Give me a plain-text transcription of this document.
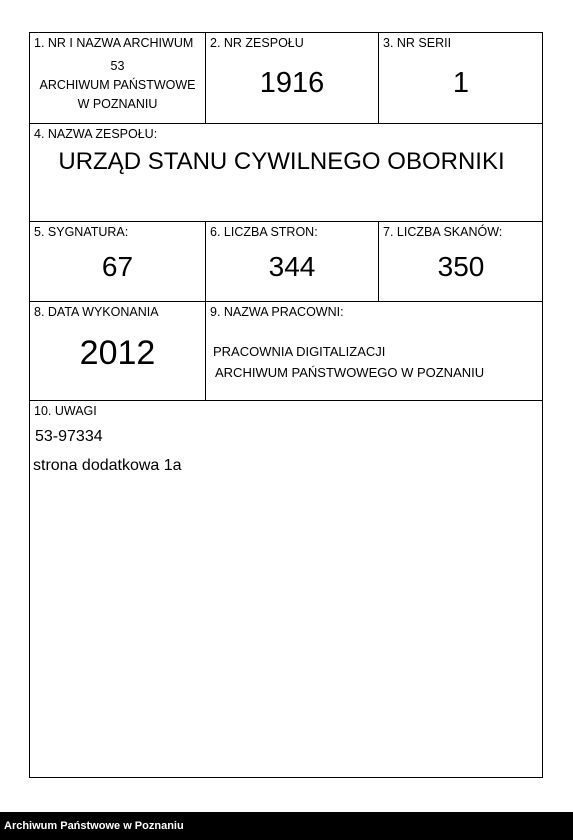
1. NR I NAZWA ARCHIWUM
53
ARCHIWUM PAŃSTWOWE
W POZNANIU
2. NR ZESPOŁU
1916
3. NR SERII
1
4. NAZWA ZESPOŁU:
URZĄD STANU CYWILNEGO OBORNIKI
5. SYGNATURA:
67
6. LICZBA STRON:
344
7. LICZBA SKANÓW:
350
8. DATA WYKONANIA
2012
9. NAZWA PRACOWNI:
PRACOWNIA DIGITALIZACJI
ARCHIWUM PAŃSTWOWEGO W POZNANIU
10. UWAGI
53-97334
strona dodatkowa 1a
Archiwum Państwowe w Poznaniu
